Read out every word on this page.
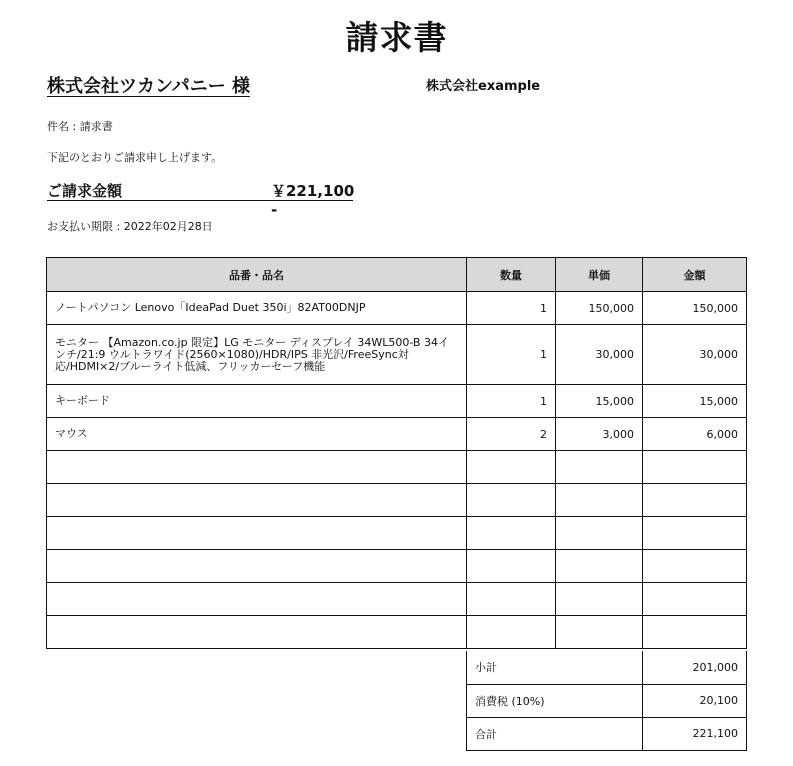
請求書
株式会社ツカンパニー 様	株式会社example
件名 : 請求書
下記のとおりご請求申し上げます。
ご請求金額	￥221,100 -
お支払い期限 : 2022年02月28日
品番・品名	数量	単価	金額
ノートパソコン Lenovo「IdeaPad Duet 350i」82AT00DNJP	1	150,000	150,000
モニター 【Amazon.co.jp 限定】LG モニター ディスプレイ 34WL500-B 34インチ/21:9 ウルトラワイド(2560×1080)/HDR/IPS 非光沢/FreeSync対応/HDMI×2/ブルーライト低減、フリッカーセーフ機能	1	30,000	30,000
キーボード	1	15,000	15,000
マウス	2	3,000	6,000

小計	201,000
消費税 (10%)	20,100
合計	221,100
